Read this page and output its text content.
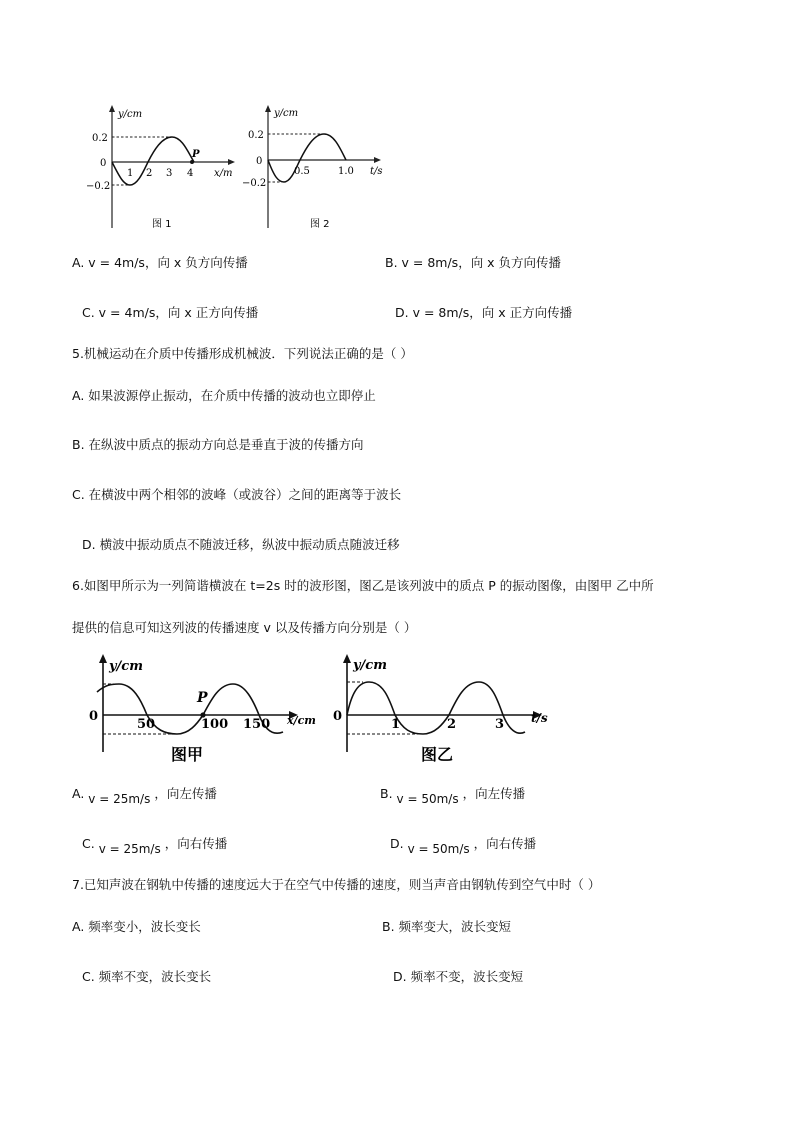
y/cm
x/m
0.2
0
−0.2
P
1 2 3 4
图 1
y/cm
t/s
0.2
0
−0.2
0.5	1.0
图 2
A. v = 4m/s，向 x 负方向传播	B. v = 8m/s，向 x 负方向传播
C. v = 4m/s，向 x 正方向传播	D. v = 8m/s，向 x 正方向传播
5.机械运动在介质中传播形成机械波．下列说法正确的是（ ）
A. 如果波源停止振动，在介质中传播的波动也立即停止
B. 在纵波中质点的振动方向总是垂直于波的传播方向
C. 在横波中两个相邻的波峰（或波谷）之间的距离等于波长
D. 横波中振动质点不随波迁移，纵波中振动质点随波迁移
6.如图甲所示为一列简谐横波在 t=2s 时的波形图，图乙是该列波中的质点 P 的振动图像，由图甲 乙中所
提供的信息可知这列波的传播速度 v 以及传播方向分别是（ ）
y/cm
x/cm
0
P
50	100 150
图甲
y/cm
t/s
0
1	2	3
图乙
A. v = 25m/s ，向左传播	B. v = 50m/s ，向左传播
C. v = 25m/s ，向右传播	D. v = 50m/s ，向右传播
7.已知声波在钢轨中传播的速度远大于在空气中传播的速度，则当声音由钢轨传到空气中时（ ）
A. 频率变小，波长变长	B. 频率变大，波长变短
C. 频率不变，波长变长	D. 频率不变，波长变短
